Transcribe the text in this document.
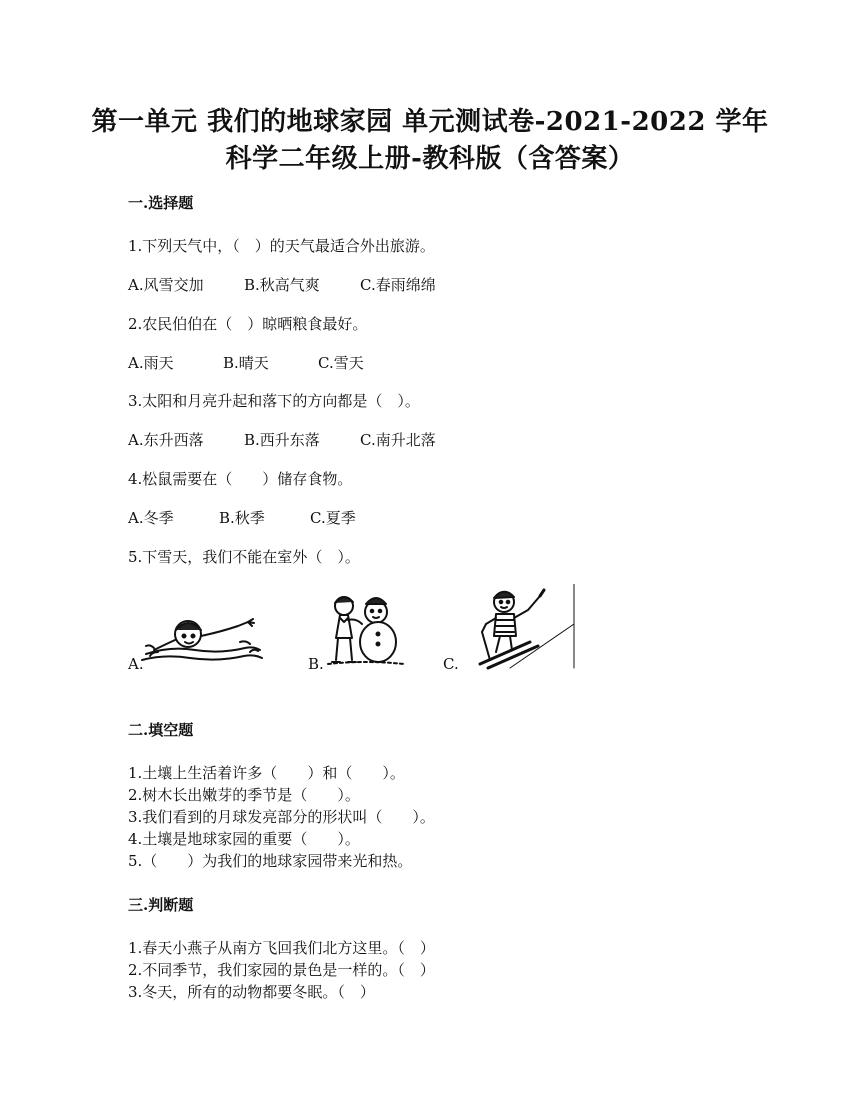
第一单元 我们的地球家园 单元测试卷-2021-2022 学年
科学二年级上册-教科版（含答案）
一.选择题
1.下列天气中，（　）的天气最适合外出旅游。
A.风雪交加	B.秋高气爽	C.春雨绵绵
2.农民伯伯在（　）晾晒粮食最好。
A.雨天	B.晴天	C.雪天
3.太阳和月亮升起和落下的方向都是（　）。
A.东升西落	B.西升东落	C.南升北落
4.松鼠需要在（　　）储存食物。
A.冬季	B.秋季	C.夏季
5.下雪天，我们不能在室外（　）。
A.	B.	C.
二.填空题
1.土壤上生活着许多（　　）和（　　）。
2.树木长出嫩芽的季节是（　　）。
3.我们看到的月球发亮部分的形状叫（　　）。
4.土壤是地球家园的重要（　　）。
5.（　　）为我们的地球家园带来光和热。
三.判断题
1.春天小燕子从南方飞回我们北方这里。（　）
2.不同季节，我们家园的景色是一样的。（　）
3.冬天，所有的动物都要冬眠。（　）
